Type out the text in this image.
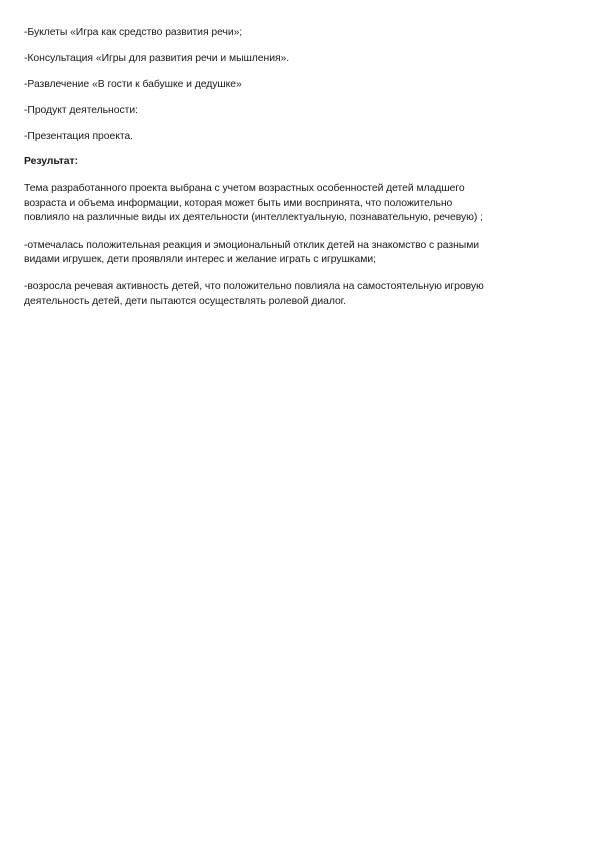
-Буклеты «Игра как средство развития речи»;
-Консультация «Игры для развития речи и мышления».
-Развлечение «В гости к бабушке и дедушке»
-Продукт деятельности:
-Презентация проекта.
Результат:
Тема разработанного проекта выбрана с учетом возрастных особенностей детей младшего
возраста и объема информации, которая может быть ими воспринята, что положительно
повлияло на различные виды их деятельности (интеллектуальную, познавательную, речевую) ;
-отмечалась положительная реакция и эмоциональный отклик детей на знакомство с разными
видами игрушек, дети проявляли интерес и желание играть с игрушками;
-возросла речевая активность детей, что положительно повлияла на самостоятельную игровую
деятельность детей, дети пытаются осуществлять ролевой диалог.
